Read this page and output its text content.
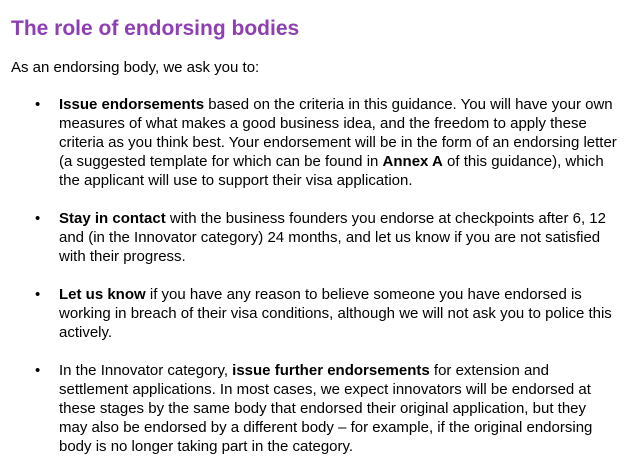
The role of endorsing bodies

As an endorsing body, we ask you to:

• Issue endorsements based on the criteria in this guidance. You will have your own measures of what makes a good business idea, and the freedom to apply these criteria as you think best. Your endorsement will be in the form of an endorsing letter (a suggested template for which can be found in Annex A of this guidance), which the applicant will use to support their visa application.
• Stay in contact with the business founders you endorse at checkpoints after 6, 12 and (in the Innovator category) 24 months, and let us know if you are not satisfied with their progress.
• Let us know if you have any reason to believe someone you have endorsed is working in breach of their visa conditions, although we will not ask you to police this actively.
• In the Innovator category, issue further endorsements for extension and settlement applications. In most cases, we expect innovators will be endorsed at these stages by the same body that endorsed their original application, but they may also be endorsed by a different body – for example, if the original endorsing body is no longer taking part in the category.
